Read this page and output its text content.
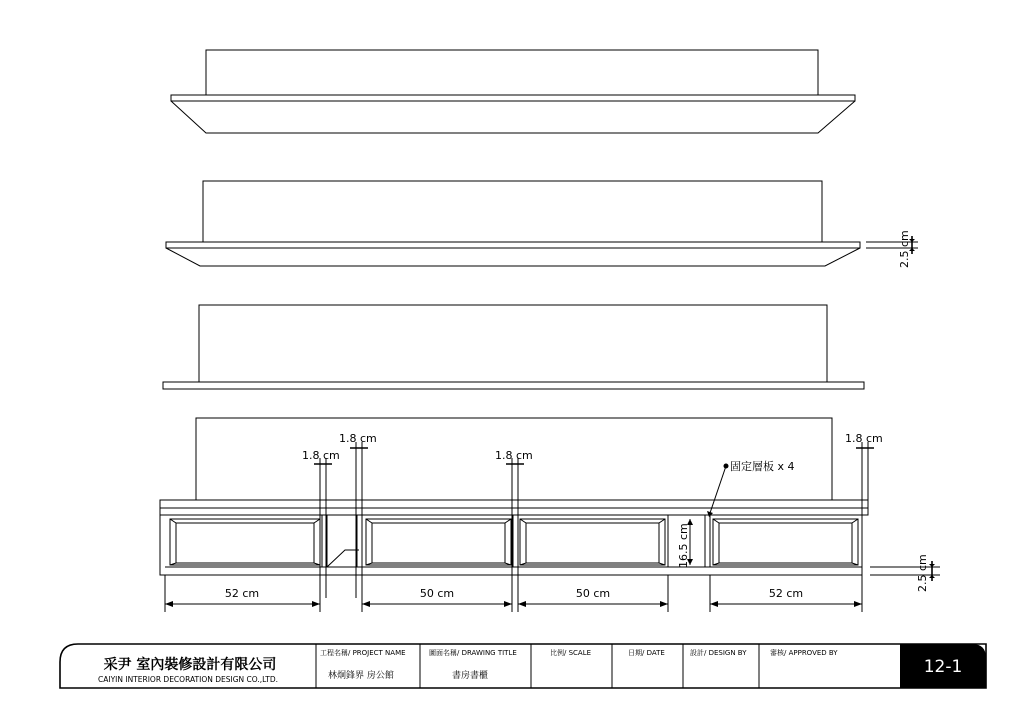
2.5 cm
1.8 cm
1.8 cm
1.8 cm
1.8 cm
16.5 cm
固定層板 x 4
52 cm	50 cm	50 cm	52 cm
2.5 cm
采尹 室內裝修設計有限公司
CAIYIN INTERIOR DECORATION DESIGN CO.,LTD.
工程名稱/ PROJECT NAME
林炯鋒界 房公館
圖面名稱/ DRAWING TITLE
書房書櫃
比例/ SCALE	日期/ DATE	設計/ DESIGN BY	審核/ APPROVED BY
12-1
